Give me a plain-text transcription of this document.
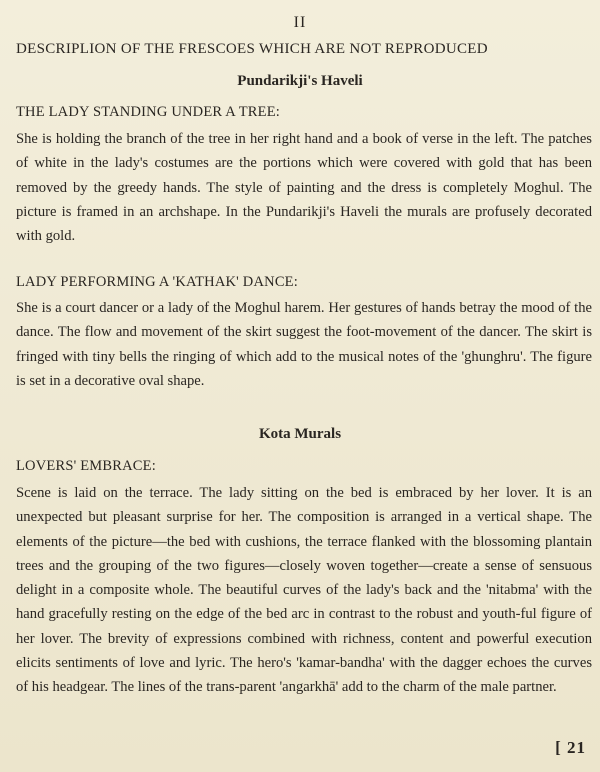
II
DESCRIPLION OF THE FRESCOES WHICH ARE NOT REPRODUCED
Pundarikji's Haveli
THE LADY STANDING UNDER A TREE:

She is holding the branch of the tree in her right hand and a book of verse in the left. The patches of white in the lady's costumes are the portions which were covered with gold that has been removed by the greedy hands. The style of painting and the dress is completely Moghul. The picture is framed in an archshape. In the Pundarikji's Haveli the murals are profusely decorated with gold.

LADY PERFORMING A 'KATHAK' DANCE:

She is a court dancer or a lady of the Moghul harem. Her gestures of hands betray the mood of the dance. The flow and movement of the skirt suggest the foot-movement of the dancer. The skirt is fringed with tiny bells the ringing of which add to the musical notes of the 'ghunghru'. The figure is set in a decorative oval shape.

Kota Murals
LOVERS' EMBRACE:

Scene is laid on the terrace. The lady sitting on the bed is embraced by her lover. It is an unexpected but pleasant surprise for her. The composition is arranged in a vertical shape. The elements of the picture—the bed with cushions, the terrace flanked with the blossoming plantain trees and the grouping of the two figures—closely woven together—create a sense of sensuous delight in a composite whole. The beautiful curves of the lady's back and the 'nitabma' with the hand gracefully resting on the edge of the bed arc in contrast to the robust and youth-ful figure of her lover. The brevity of expressions combined with richness, content and powerful execution elicits sentiments of love and lyric. The hero's 'kamar-bandha' with the dagger echoes the curves of his headgear. The lines of the trans-parent 'angarkhā' add to the charm of the male partner.

[ 21
